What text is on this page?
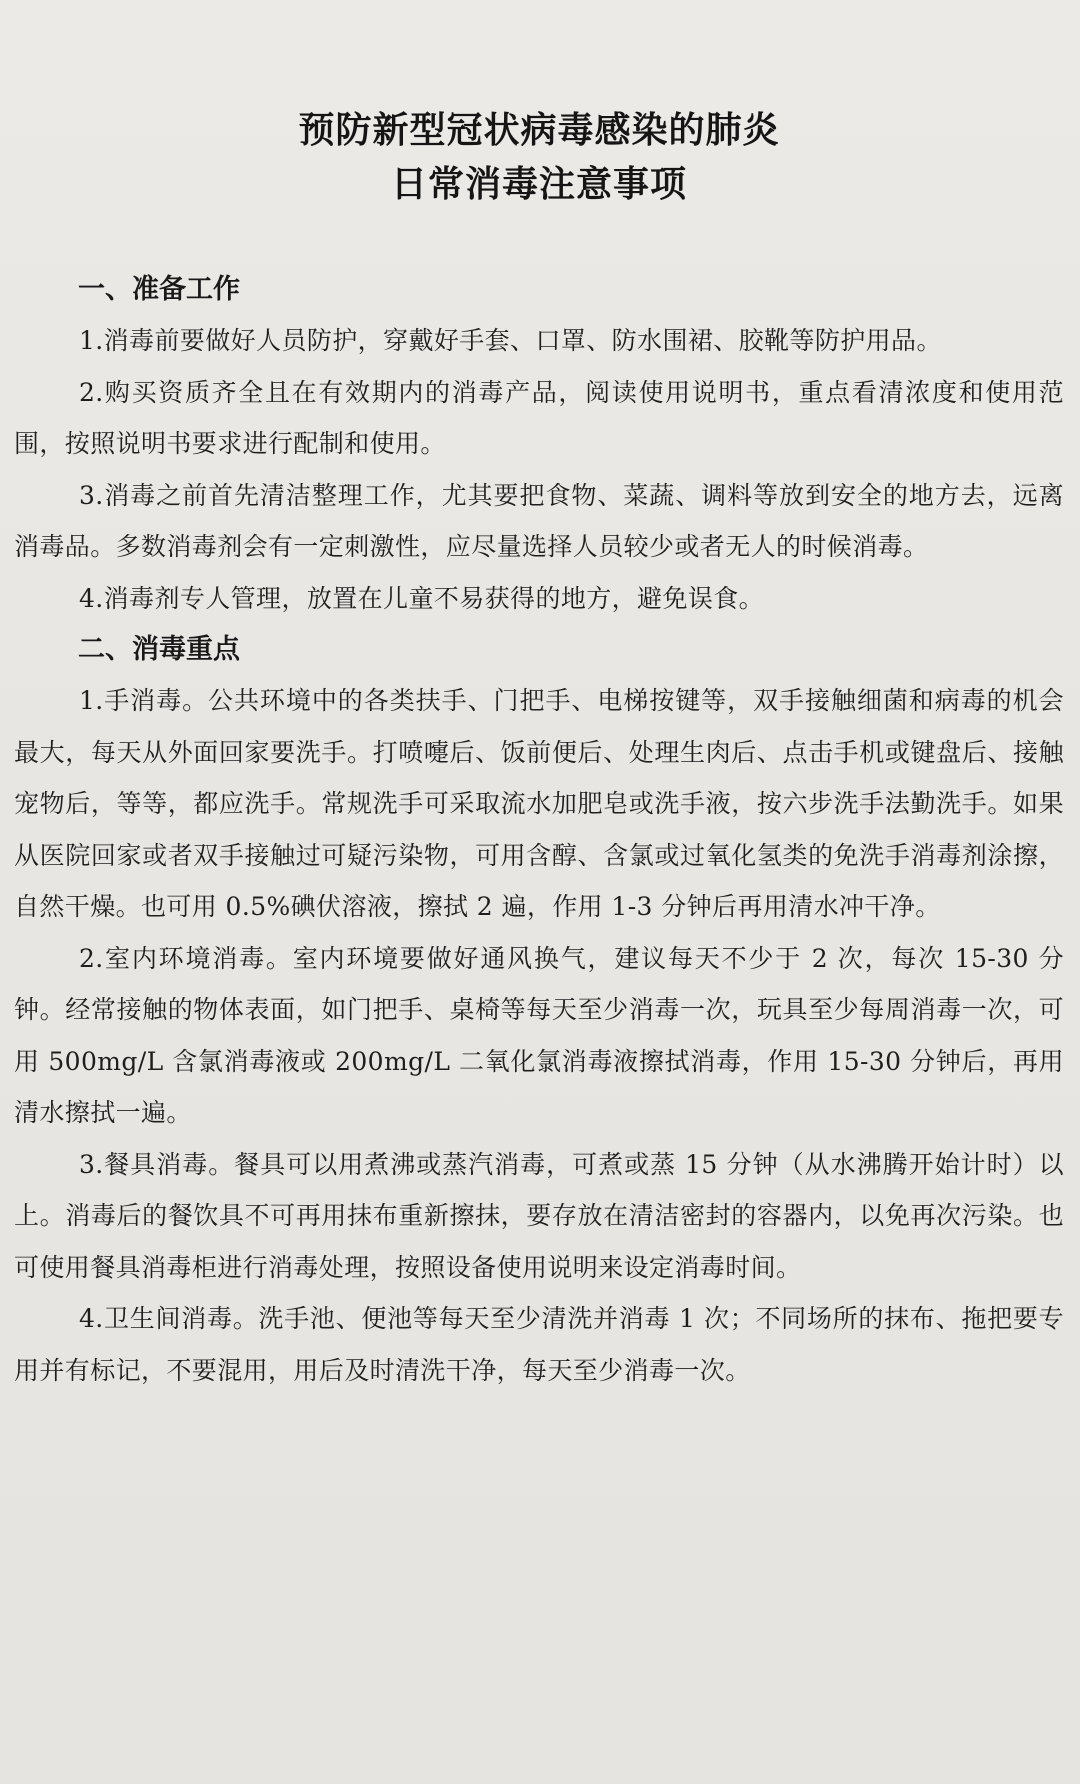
预防新型冠状病毒感染的肺炎
日常消毒注意事项

一、准备工作

1.消毒前要做好人员防护，穿戴好手套、口罩、防水围裙、胶靴等防护用品。

2.购买资质齐全且在有效期内的消毒产品，阅读使用说明书，重点看清浓度和使用范围，按照说明书要求进行配制和使用。

3.消毒之前首先清洁整理工作，尤其要把食物、菜蔬、调料等放到安全的地方去，远离消毒品。多数消毒剂会有一定刺激性，应尽量选择人员较少或者无人的时候消毒。

4.消毒剂专人管理，放置在儿童不易获得的地方，避免误食。

二、消毒重点

1.手消毒。公共环境中的各类扶手、门把手、电梯按键等，双手接触细菌和病毒的机会最大，每天从外面回家要洗手。打喷嚏后、饭前便后、处理生肉后、点击手机或键盘后、接触宠物后，等等，都应洗手。常规洗手可采取流水加肥皂或洗手液，按六步洗手法勤洗手。如果从医院回家或者双手接触过可疑污染物，可用含醇、含氯或过氧化氢类的免洗手消毒剂涂擦，自然干燥。也可用 0.5%碘伏溶液，擦拭 2 遍，作用 1-3 分钟后再用清水冲干净。

2.室内环境消毒。室内环境要做好通风换气，建议每天不少于 2 次，每次 15-30 分钟。经常接触的物体表面，如门把手、桌椅等每天至少消毒一次，玩具至少每周消毒一次，可用 500mg/L 含氯消毒液或 200mg/L 二氧化氯消毒液擦拭消毒，作用 15-30 分钟后，再用清水擦拭一遍。

3.餐具消毒。餐具可以用煮沸或蒸汽消毒，可煮或蒸 15 分钟（从水沸腾开始计时）以上。消毒后的餐饮具不可再用抹布重新擦抹，要存放在清洁密封的容器内，以免再次污染。也可使用餐具消毒柜进行消毒处理，按照设备使用说明来设定消毒时间。

4.卫生间消毒。洗手池、便池等每天至少清洗并消毒 1 次；不同场所的抹布、拖把要专用并有标记，不要混用，用后及时清洗干净，每天至少消毒一次。
